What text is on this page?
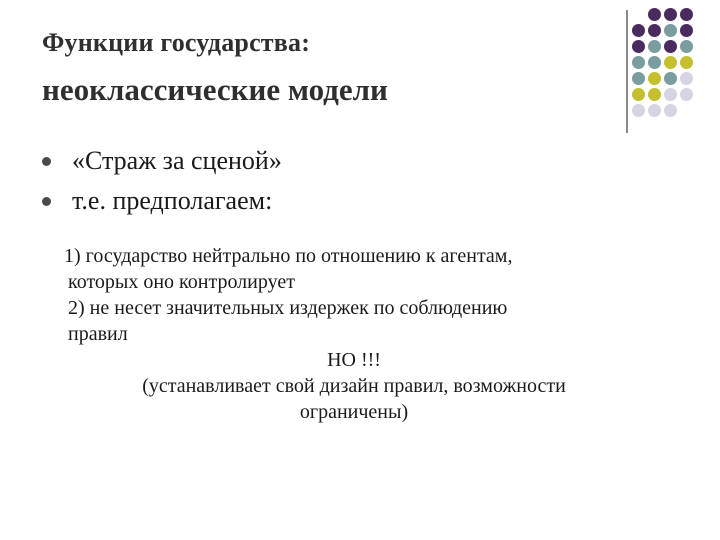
Функции государства:
неоклассические модели
«Страж за сценой»
т.е. предполагаем:
1) государство нейтрально по отношению к агентам,
которых оно контролирует
2) не несет значительных издержек по соблюдению
правил
НО !!!
(устанавливает свой дизайн правил, возможности
ограничены)
